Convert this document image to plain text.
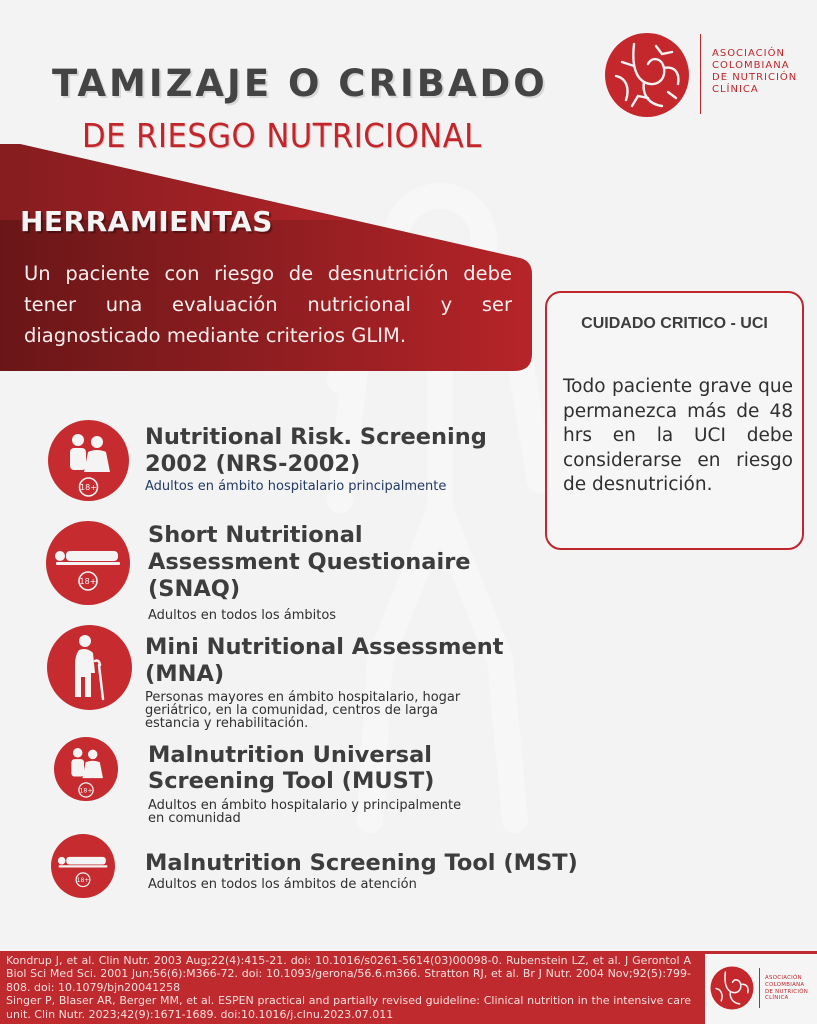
TAMIZAJE O CRIBADO
DE RIESGO NUTRICIONAL
ASOCIACIÓN
COLOMBIANA
DE NUTRICIÓN
CLÍNICA
HERRAMIENTAS
Un paciente con riesgo de desnutrición debe tener una evaluación nutricional y ser diagnosticado mediante criterios GLIM.
CUIDADO CRITICO - UCI
Todo paciente grave que permanezca más de 48 hrs en la UCI debe considerarse en riesgo de desnutrición.
18+
Nutritional Risk. Screening
2002 (NRS-2002)
Adultos en ámbito hospitalario principalmente
18+
Short Nutritional
Assessment Questionaire
(SNAQ)
Adultos en todos los ámbitos
Mini Nutritional Assessment
(MNA)
Personas mayores en ámbito hospitalario, hogar
geriátrico, en la comunidad, centros de larga
estancia y rehabilitación.
18+
Malnutrition Universal
Screening Tool (MUST)
Adultos en ámbito hospitalario y principalmente
en comunidad
18+
Malnutrition Screening Tool (MST)
Adultos en todos los ámbitos de atención
Kondrup J, et al. Clin Nutr. 2003 Aug;22(4):415-21. doi: 10.1016/s0261-5614(03)00098-0. Rubenstein LZ, et al. J Gerontol A Biol Sci Med Sci. 2001 Jun;56(6):M366-72. doi: 10.1093/gerona/56.6.m366. Stratton RJ, et al. Br J Nutr. 2004 Nov;92(5):799-808. doi: 10.1079/bjn20041258
Singer P, Blaser AR, Berger MM, et al. ESPEN practical and partially revised guideline: Clinical nutrition in the intensive care unit. Clin Nutr. 2023;42(9):1671-1689. doi:10.1016/j.clnu.2023.07.011
ASOCIACIÓN
COLOMBIANA
DE NUTRICIÓN
CLÍNICA
